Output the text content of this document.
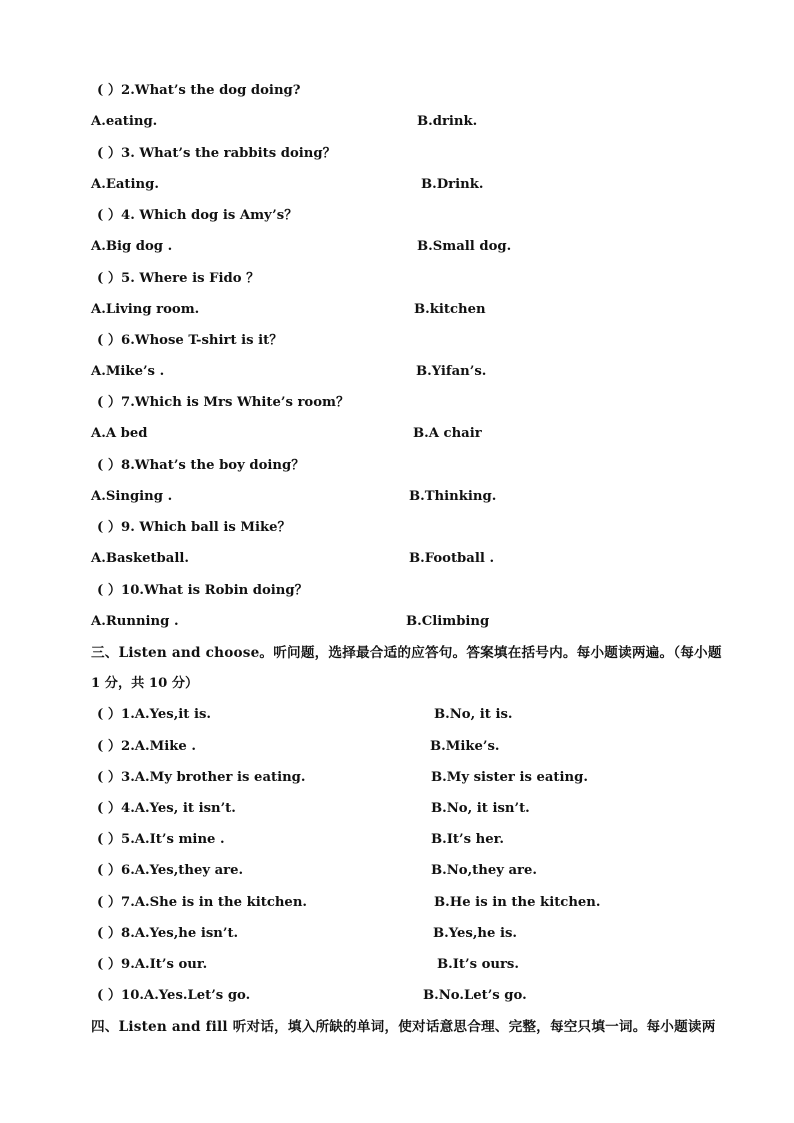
( ）2.What’s the dog doing?
A.eating.	B.drink.
( ）3. What’s the rabbits doing？
A.Eating.	B.Drink.
( ）4. Which dog is Amy’s？
A.Big dog .	B.Small dog.
( ）5. Where is Fido ？
A.Living room.	B.kitchen
( ）6.Whose T-shirt is it？
A.Mike’s .	B.Yifan’s.
( ）7.Which is Mrs White’s room？
A.A bed	B.A chair
( ）8.What’s the boy doing？
A.Singing .	B.Thinking.
( ）9. Which ball is Mike？
A.Basketball.	B.Football .
( ）10.What is Robin doing？
A.Running .	B.Climbing
三、Listen and choose。听问题，选择最合适的应答句。答案填在括号内。每小题读两遍。（每小题
1 分，共 10 分）
( ）1.A.Yes,it is.	B.No, it is.
( ）2.A.Mike .	B.Mike’s.
( ）3.A.My brother is eating.	B.My sister is eating.
( ）4.A.Yes, it isn’t.	B.No, it isn’t.
( ）5.A.It’s mine .	B.It’s her.
( ）6.A.Yes,they are.	B.No,they are.
( ）7.A.She is in the kitchen.	B.He is in the kitchen.
( ）8.A.Yes,he isn’t.	B.Yes,he is.
( ）9.A.It’s our.	B.It’s ours.
( ）10.A.Yes.Let’s go.	B.No.Let’s go.
四、Listen and fill 听对话，填入所缺的单词，使对话意思合理、完整，每空只填一词。每小题读两
